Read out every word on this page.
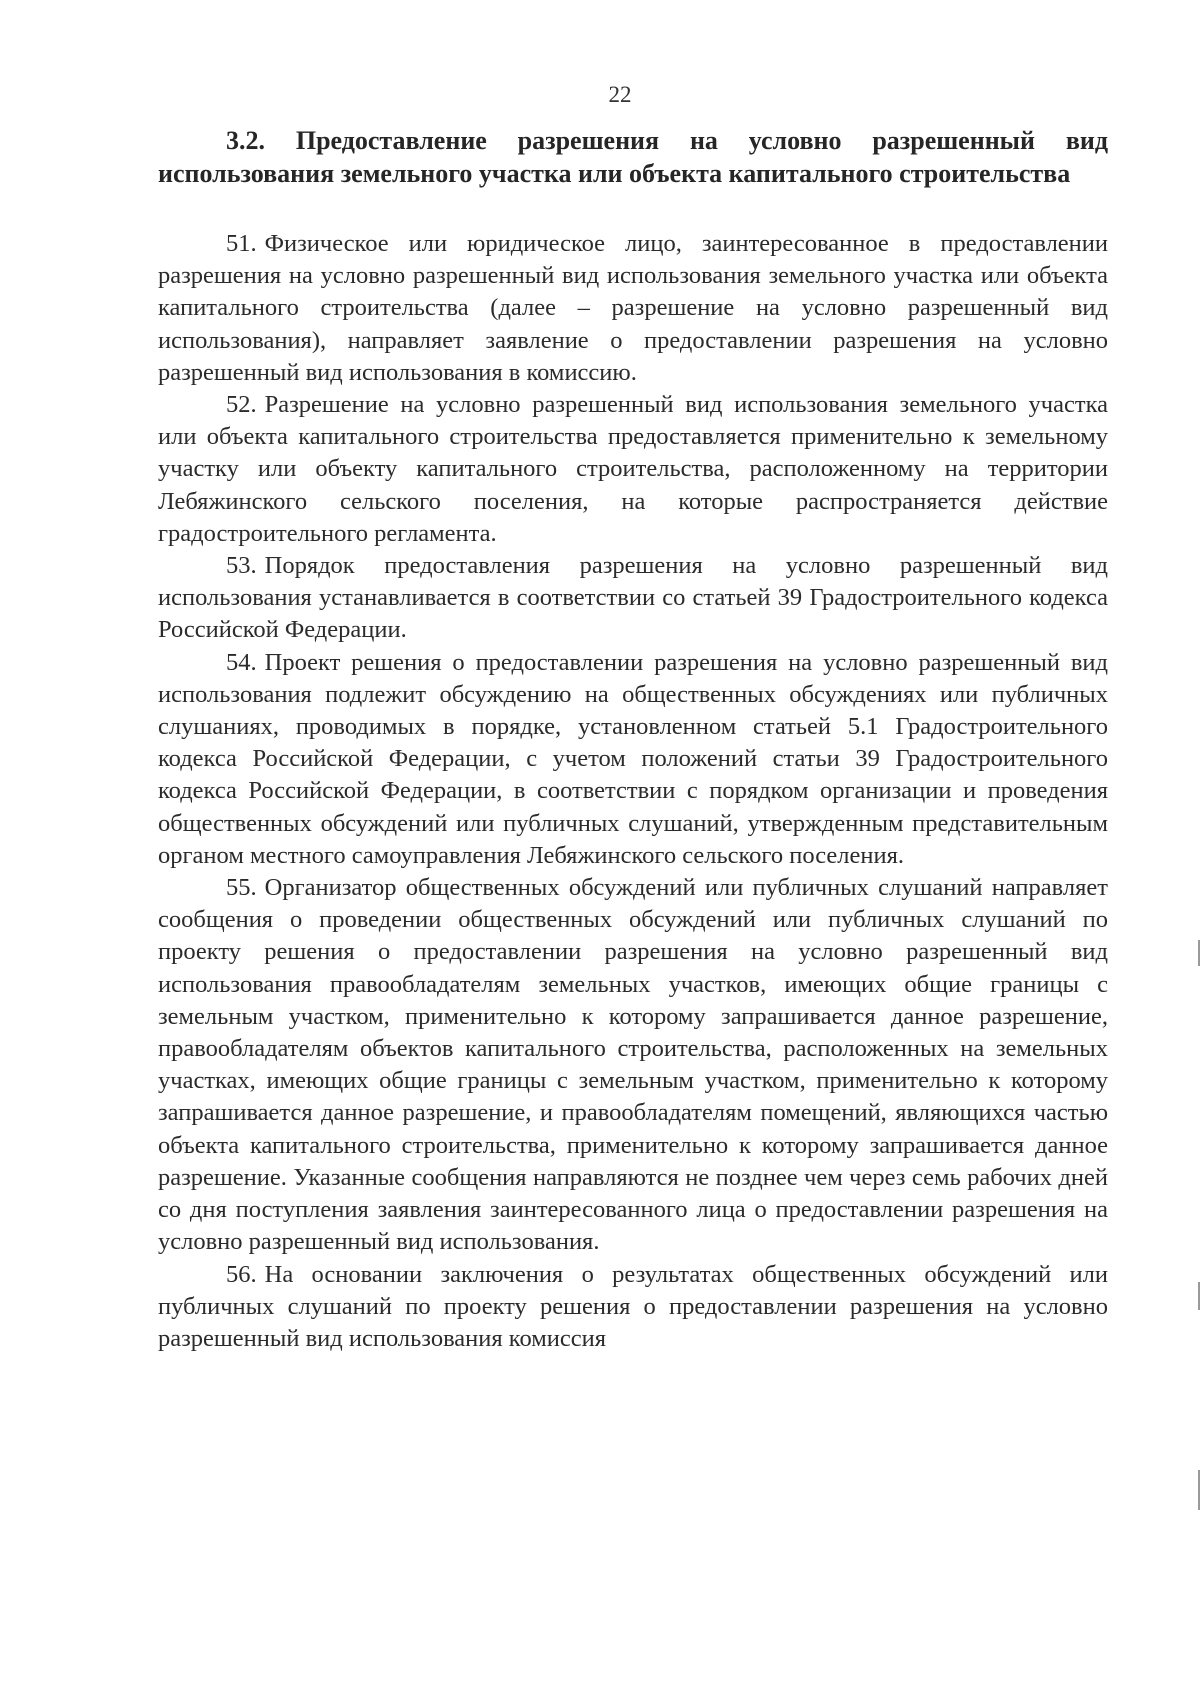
22
3.2. Предоставление разрешения на условно разрешенный вид использования земельного участка или объекта капитального строительства

51. Физическое или юридическое лицо, заинтересованное в предоставлении разрешения на условно разрешенный вид использования земельного участка или объекта капитального строительства (далее – разрешение на условно разрешенный вид использования), направляет заявление о предоставлении разрешения на условно разрешенный вид использования в комиссию.

52. Разрешение на условно разрешенный вид использования земельного участка или объекта капитального строительства предоставляется применительно к земельному участку или объекту капитального строительства, расположенному на территории Лебяжинского сельского поселения, на которые распространяется действие градостроительного регламента.

53. Порядок предоставления разрешения на условно разрешенный вид использования устанавливается в соответствии со статьей 39 Градостроительного кодекса Российской Федерации.

54. Проект решения о предоставлении разрешения на условно разрешенный вид использования подлежит обсуждению на общественных обсуждениях или публичных слушаниях, проводимых в порядке, установленном статьей 5.1 Градостроительного кодекса Российской Федерации, с учетом положений статьи 39 Градостроительного кодекса Российской Федерации, в соответствии с порядком организации и проведения общественных обсуждений или публичных слушаний, утвержденным представительным органом местного самоуправления Лебяжинского сельского поселения.

55. Организатор общественных обсуждений или публичных слушаний направляет сообщения о проведении общественных обсуждений или публичных слушаний по проекту решения о предоставлении разрешения на условно разрешенный вид использования правообладателям земельных участков, имеющих общие границы с земельным участком, применительно к которому запрашивается данное разрешение, правообладателям объектов капитального строительства, расположенных на земельных участках, имеющих общие границы с земельным участком, применительно к которому запрашивается данное разрешение, и правообладателям помещений, являющихся частью объекта капитального строительства, применительно к которому запрашивается данное разрешение. Указанные сообщения направляются не позднее чем через семь рабочих дней со дня поступления заявления заинтересованного лица о предоставлении разрешения на условно разрешенный вид использования.

56. На основании заключения о результатах общественных обсуждений или публичных слушаний по проекту решения о предоставлении разрешения на условно разрешенный вид использования комиссия
